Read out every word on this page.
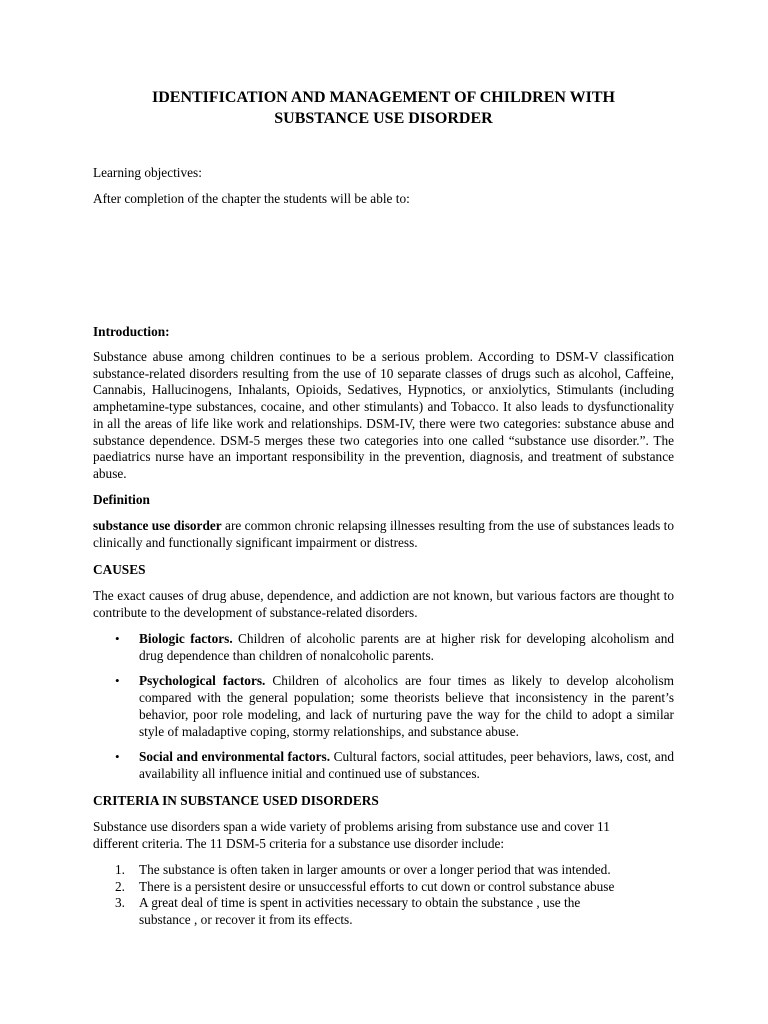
IDENTIFICATION AND MANAGEMENT OF CHILDREN WITH
SUBSTANCE USE DISORDER

Learning objectives:

After completion of the chapter the students will be able to:

Introduction:

Substance abuse among children continues to be a serious problem. According to DSM-V classification substance-related disorders resulting from the use of 10 separate classes of drugs such as alcohol, Caffeine, Cannabis, Hallucinogens, Inhalants, Opioids, Sedatives, Hypnotics, or anxiolytics, Stimulants (including amphetamine-type substances, cocaine, and other stimulants) and Tobacco. It also leads to dysfunctionality in all the areas of life like work and relationships. DSM-IV, there were two categories: substance abuse and substance dependence. DSM-5 merges these two categories into one called “substance use disorder.”. The paediatrics nurse have an important responsibility in the prevention, diagnosis, and treatment of substance abuse.

Definition

substance use disorder are common chronic relapsing illnesses resulting from the use of substances leads to clinically and functionally significant impairment or distress.

CAUSES

The exact causes of drug abuse, dependence, and addiction are not known, but various factors are thought to contribute to the development of substance-related disorders.

• Biologic factors. Children of alcoholic parents are at higher risk for developing alcoholism and drug dependence than children of nonalcoholic parents.
• Psychological factors. Children of alcoholics are four times as likely to develop alcoholism compared with the general population; some theorists believe that inconsistency in the parent’s behavior, poor role modeling, and lack of nurturing pave the way for the child to adopt a similar style of maladaptive coping, stormy relationships, and substance abuse.
• Social and environmental factors. Cultural factors, social attitudes, peer behaviors, laws, cost, and availability all influence initial and continued use of substances.

CRITERIA IN SUBSTANCE USED DISORDERS

Substance use disorders span a wide variety of problems arising from substance use and cover 11
different criteria. The 11 DSM-5 criteria for a substance use disorder include:

1. The substance is often taken in larger amounts or over a longer period that was intended.
2. There is a persistent desire or unsuccessful efforts to cut down or control substance abuse
3. A great deal of time is spent in activities necessary to obtain the substance , use the substance , or recover it from its effects.
